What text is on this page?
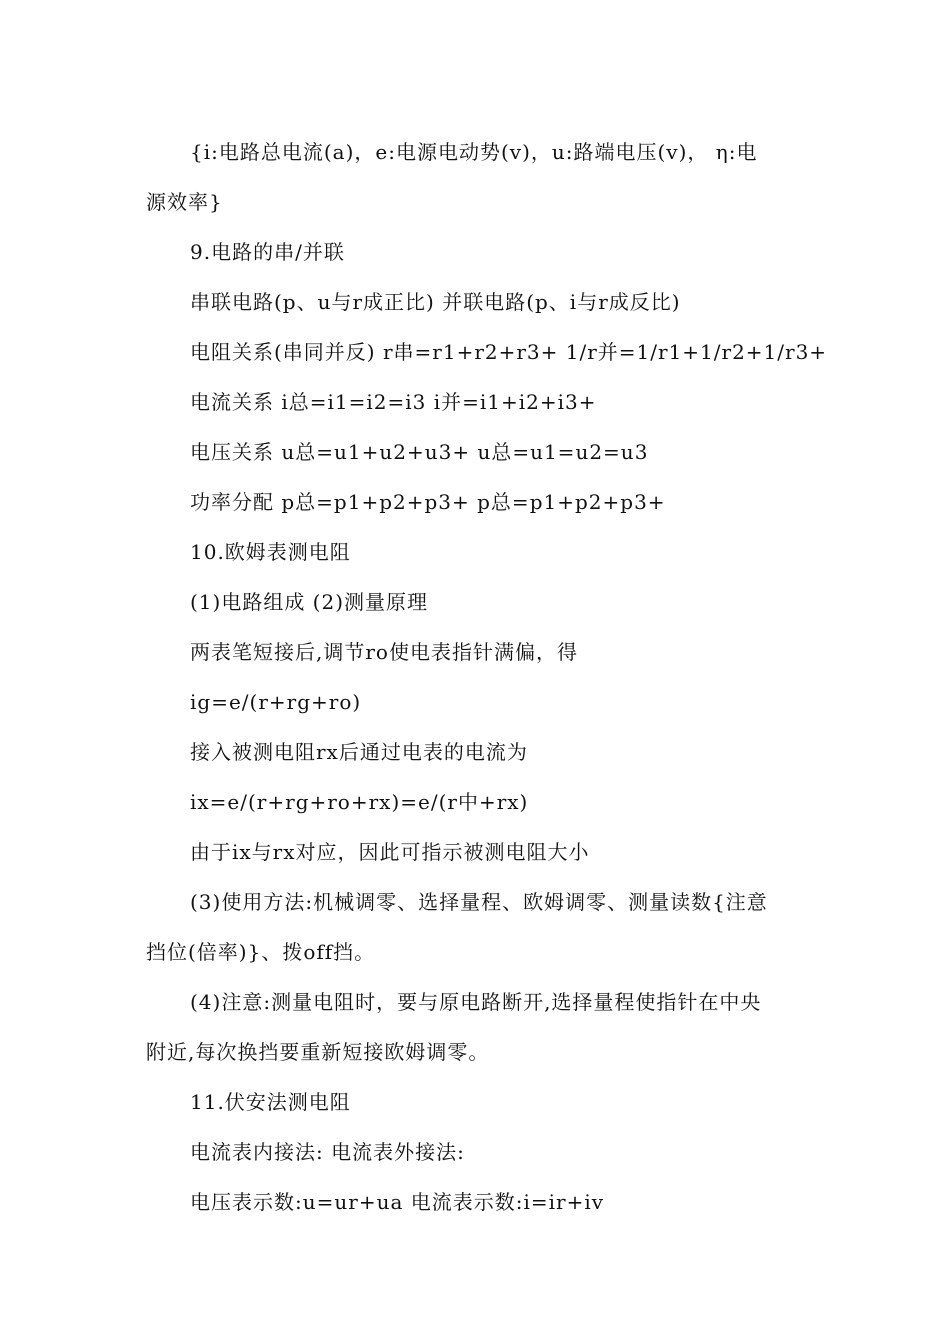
{i:电路总电流(a)，e:电源电动势(v)，u:路端电压(v)， η:电
源效率}
9.电路的串/并联
串联电路(p、u与r成正比) 并联电路(p、i与r成反比)
电阻关系(串同并反) r串=r1+r2+r3+ 1/r并=1/r1+1/r2+1/r3+
电流关系 i总=i1=i2=i3 i并=i1+i2+i3+
电压关系 u总=u1+u2+u3+ u总=u1=u2=u3
功率分配 p总=p1+p2+p3+ p总=p1+p2+p3+
10.欧姆表测电阻
(1)电路组成 (2)测量原理
两表笔短接后,调节ro使电表指针满偏，得
ig=e/(r+rg+ro)
接入被测电阻rx后通过电表的电流为
ix=e/(r+rg+ro+rx)=e/(r中+rx)
由于ix与rx对应，因此可指示被测电阻大小
(3)使用方法:机械调零、选择量程、欧姆调零、测量读数{注意
挡位(倍率)}、拨off挡。
(4)注意:测量电阻时，要与原电路断开,选择量程使指针在中央
附近,每次换挡要重新短接欧姆调零。
11.伏安法测电阻
电流表内接法: 电流表外接法:
电压表示数:u=ur+ua 电流表示数:i=ir+iv
